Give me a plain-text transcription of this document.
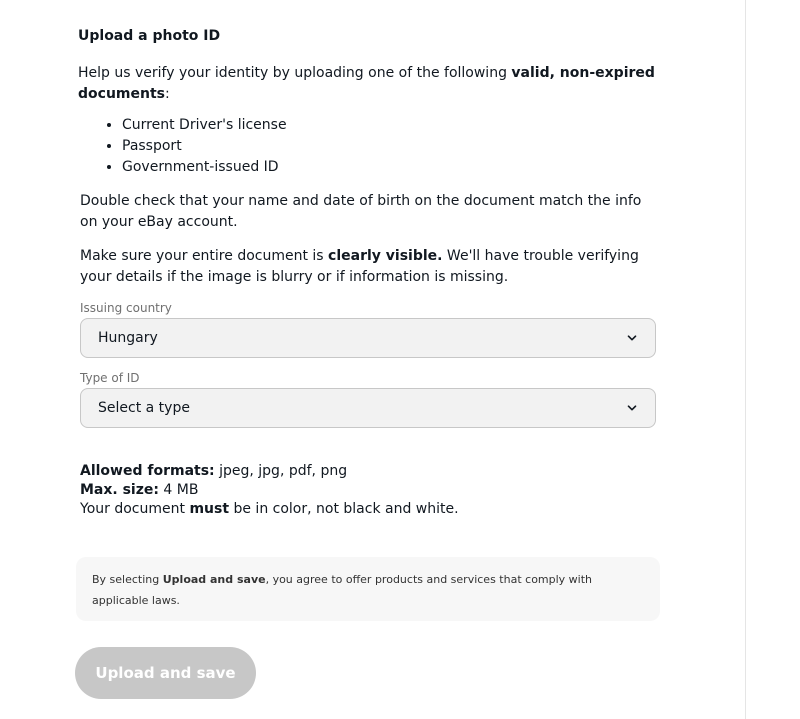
Upload a photo ID

Help us verify your identity by uploading one of the following valid, non-expired documents:

• Current Driver's license
• Passport
• Government-issued ID

Double check that your name and date of birth on the document match the info on your eBay account.

Make sure your entire document is clearly visible. We'll have trouble verifying your details if the image is blurry or if information is missing.

Issuing country
Hungary
Type of ID
Select a type
Allowed formats: jpeg, jpg, pdf, png
Max. size: 4 MB
Your document must be in color, not black and white.
By selecting Upload and save, you agree to offer products and services that comply with applicable laws.
Upload and save
